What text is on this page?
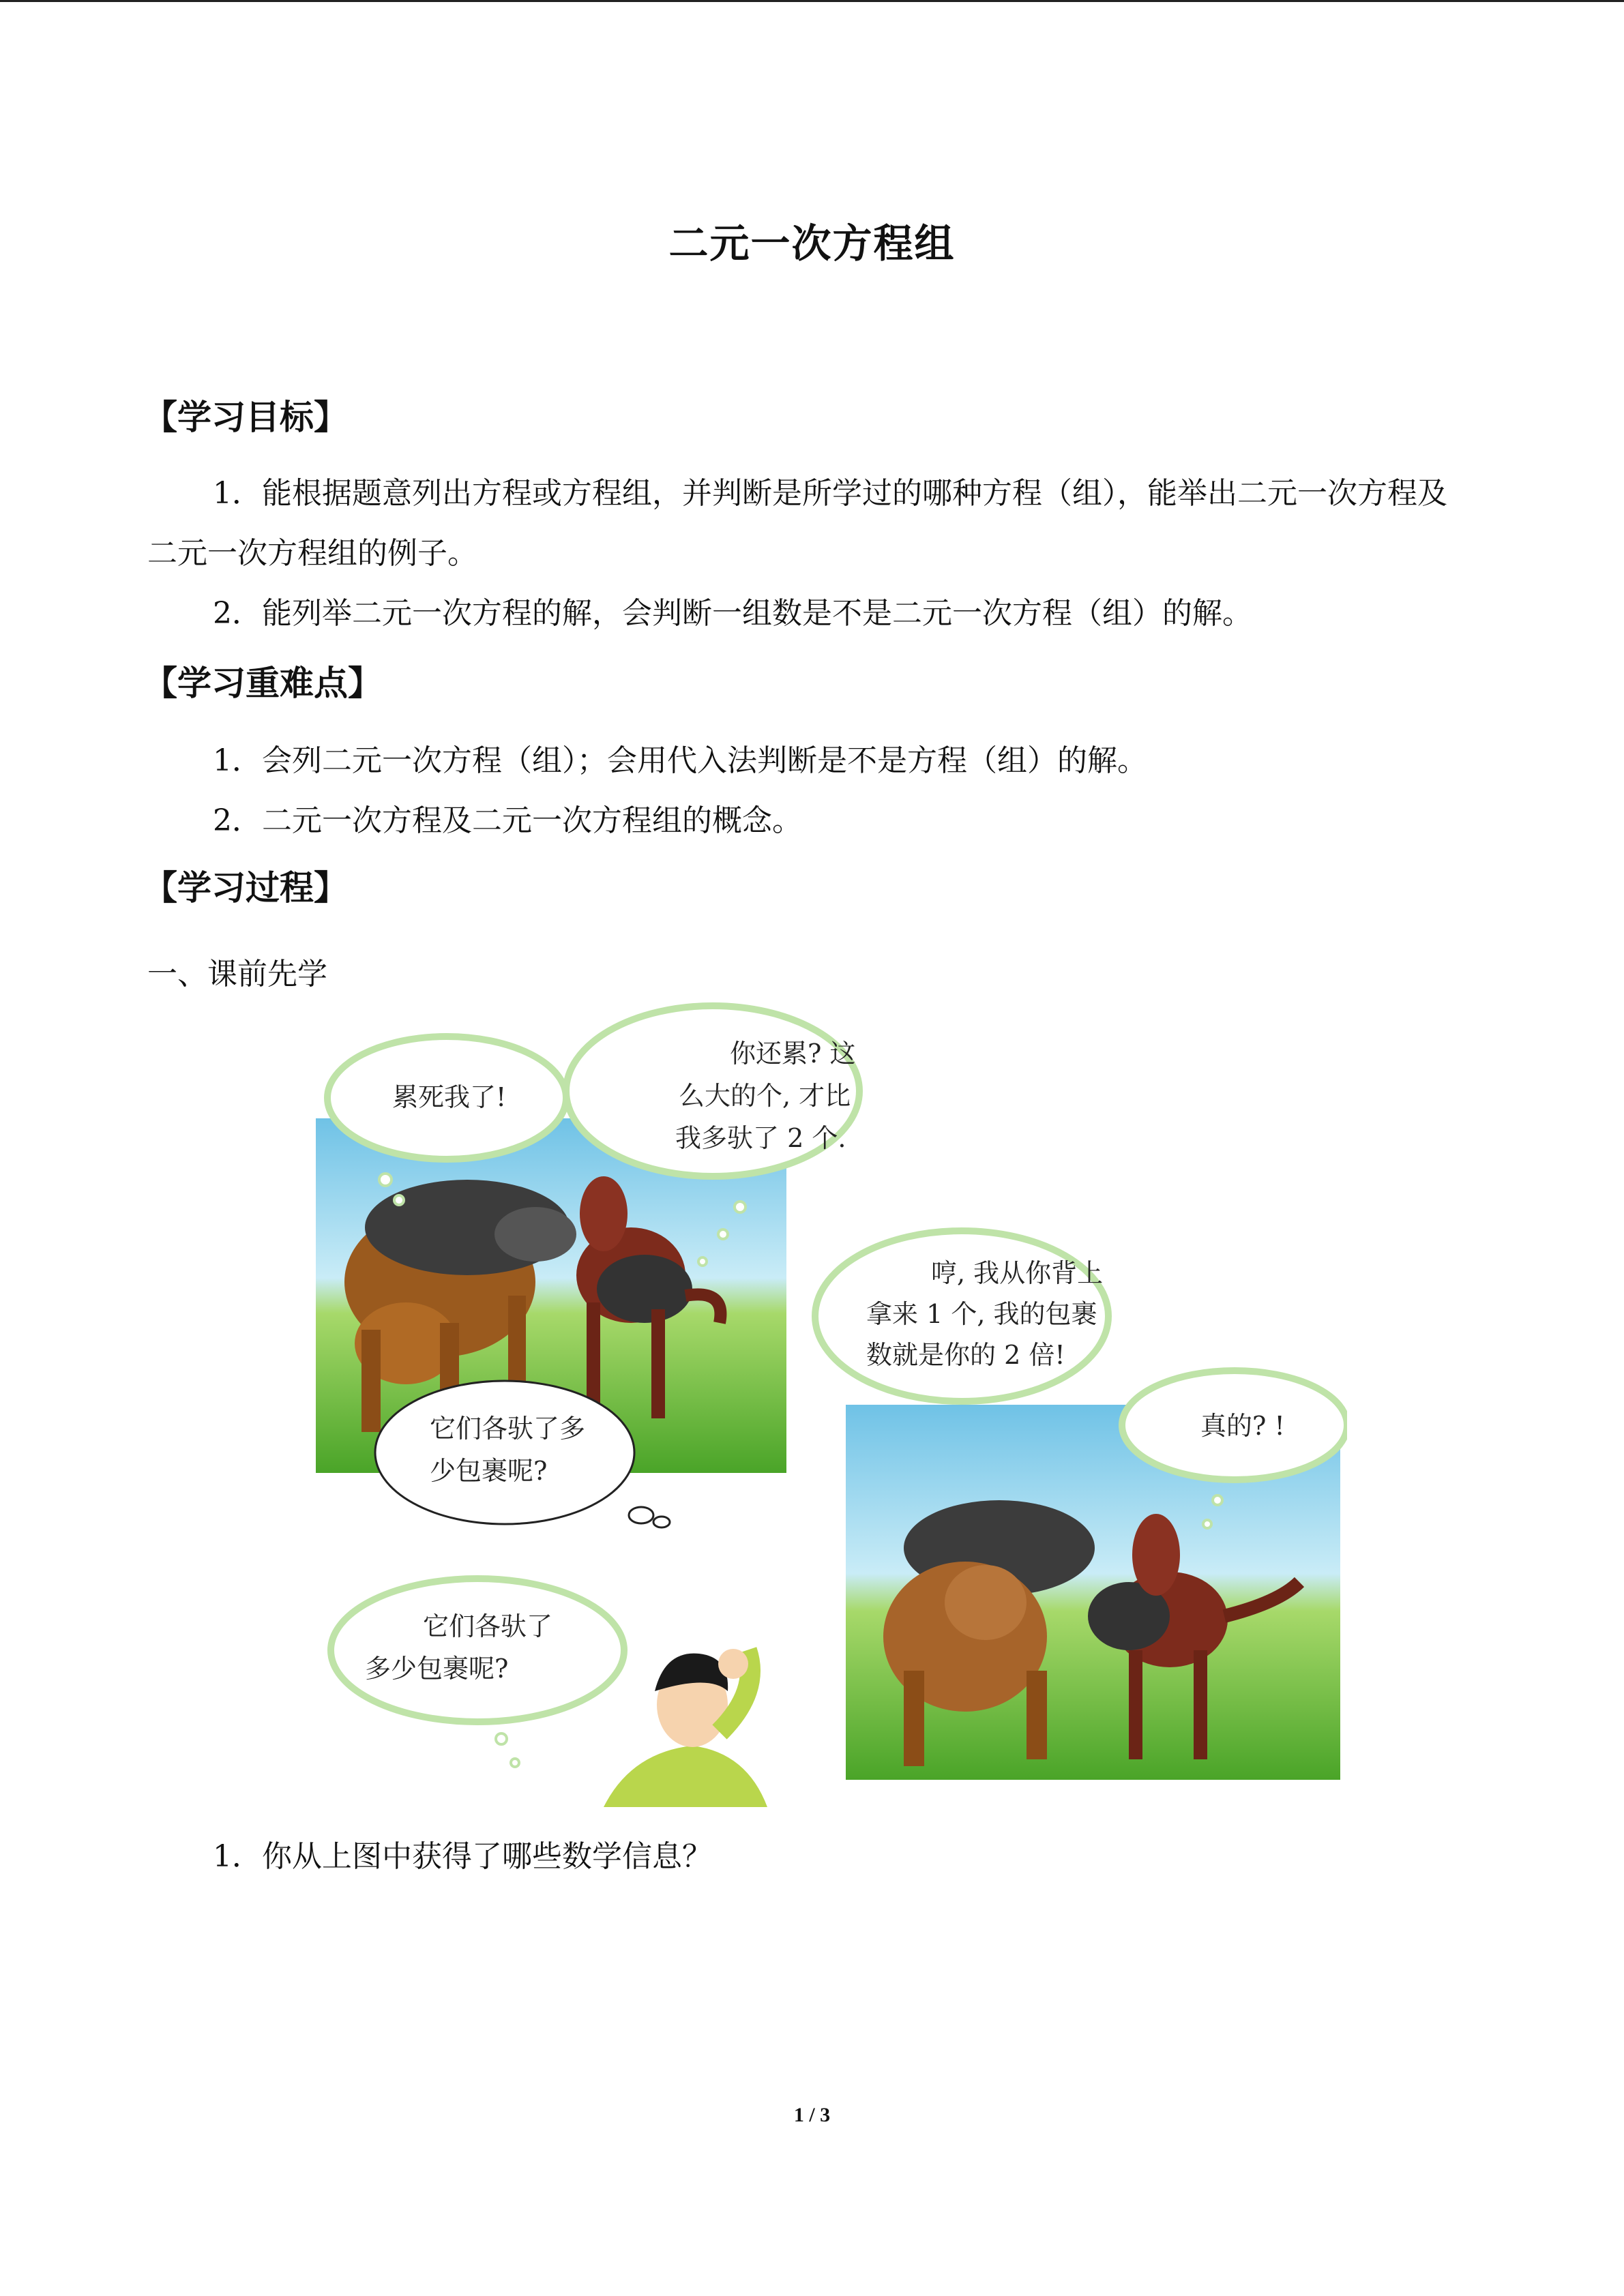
二元一次方程组
【学习目标】
1．能根据题意列出方程或方程组，并判断是所学过的哪种方程（组），能举出二元一次方程及二元一次方程组的例子。
2．能列举二元一次方程的解，会判断一组数是不是二元一次方程（组）的解。
【学习重难点】
1．会列二元一次方程（组）；会用代入法判断是不是方程（组）的解。
2．二元一次方程及二元一次方程组的概念。
【学习过程】
一、课前先学
累死我了!
你还累? 这
么大的个, 才比
我多驮了 2 个.
它们各驮了多
少包裹呢?
哼, 我从你背上
拿来 1 个, 我的包裹
数就是你的 2 倍!
真的? !
它们各驮了
多少包裹呢?
1．你从上图中获得了哪些数学信息？
1 / 3
